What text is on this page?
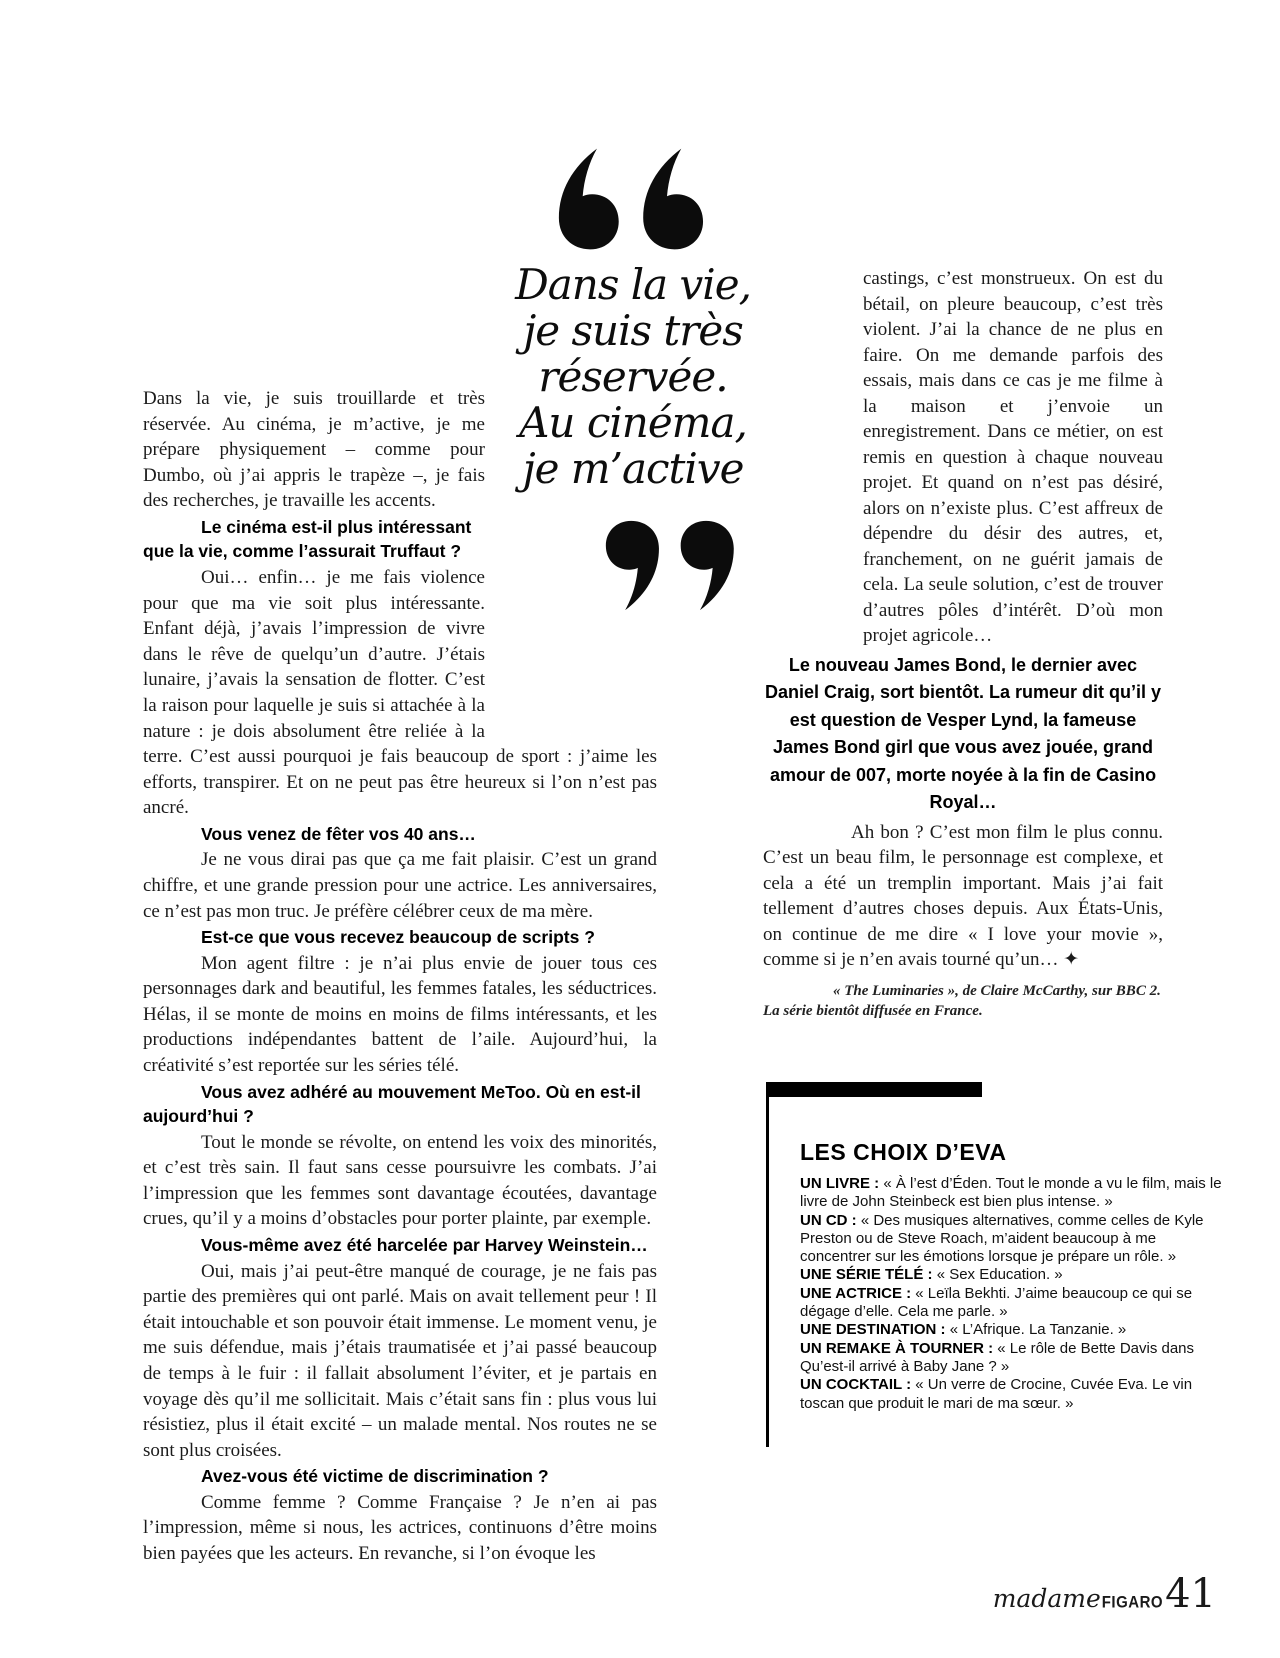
Dans la vie,
je suis très
réservée.
Au cinéma,
je m’active

Dans la vie, je suis trouillarde et très réservée. Au cinéma, je m’active, je me prépare physiquement – comme pour Dumbo, où j’ai appris le trapèze –, je fais des recherches, je travaille les accents.

Le cinéma est-il plus intéressant que la vie, comme l’assurait Truffaut ?

Oui… enfin… je me fais violence pour que ma vie soit plus intéressante. Enfant déjà, j’avais l’impression de vivre dans le rêve de quelqu’un d’autre. J’étais lunaire, j’avais la sensation de flotter. C’est la raison pour laquelle je suis si attachée à la nature : je dois absolument être reliée à la terre. C’est aussi pourquoi je fais beaucoup de sport : j’aime les efforts, transpirer. Et on ne peut pas être heureux si l’on n’est pas ancré.

Vous venez de fêter vos 40 ans…

Je ne vous dirai pas que ça me fait plaisir. C’est un grand chiffre, et une grande pression pour une actrice. Les anniversaires, ce n’est pas mon truc. Je préfère célébrer ceux de ma mère.

Est-ce que vous recevez beaucoup de scripts ?

Mon agent filtre : je n’ai plus envie de jouer tous ces personnages dark and beautiful, les femmes fatales, les séductrices. Hélas, il se monte de moins en moins de films intéressants, et les productions indépendantes battent de l’aile. Aujourd’hui, la créativité s’est reportée sur les séries télé.

Vous avez adhéré au mouvement MeToo. Où en est-il aujourd’hui ?

Tout le monde se révolte, on entend les voix des minorités, et c’est très sain. Il faut sans cesse poursuivre les combats. J’ai l’impression que les femmes sont davantage écoutées, davantage crues, qu’il y a moins d’obstacles pour porter plainte, par exemple.

Vous-même avez été harcelée par Harvey Weinstein…

Oui, mais j’ai peut-être manqué de courage, je ne fais pas partie des premières qui ont parlé. Mais on avait tellement peur ! Il était intouchable et son pouvoir était immense. Le moment venu, je me suis défendue, mais j’étais traumatisée et j’ai passé beaucoup de temps à le fuir : il fallait absolument l’éviter, et je partais en voyage dès qu’il me sollicitait. Mais c’était sans fin : plus vous lui résistiez, plus il était excité – un malade mental. Nos routes ne se sont plus croisées.

Avez-vous été victime de discrimination ?

Comme femme ? Comme Française ? Je n’en ai pas l’impression, même si nous, les actrices, continuons d’être moins bien payées que les acteurs. En revanche, si l’on évoque les

castings, c’est monstrueux. On est du bétail, on pleure beaucoup, c’est très violent. J’ai la chance de ne plus en faire. On me demande parfois des essais, mais dans ce cas je me filme à la maison et j’envoie un enregistrement. Dans ce métier, on est remis en question à chaque nouveau projet. Et quand on n’est pas désiré, alors on n’existe plus. C’est affreux de dépendre du désir des autres, et, franchement, on ne guérit jamais de cela. La seule solution, c’est de trouver d’autres pôles d’intérêt. D’où mon projet agricole…

Le nouveau James Bond, le dernier avec Daniel Craig, sort bientôt. La rumeur dit qu’il y est question de Vesper Lynd, la fameuse James Bond girl que vous avez jouée, grand amour de 007, morte noyée à la fin de Casino Royal…

Ah bon ? C’est mon film le plus connu. C’est un beau film, le personnage est complexe, et cela a été un tremplin important. Mais j’ai fait tellement d’autres choses depuis. Aux États-Unis, on continue de me dire « I love your movie », comme si je n’en avais tourné qu’un… ✦

« The Luminaries », de Claire McCarthy, sur BBC 2. La série bientôt diffusée en France.

LES CHOIX D’EVA

UN LIVRE : « À l’est d’Éden. Tout le monde a vu le film, mais le livre de John Steinbeck est bien plus intense. »

UN CD : « Des musiques alternatives, comme celles de Kyle Preston ou de Steve Roach, m’aident beaucoup à me concentrer sur les émotions lorsque je prépare un rôle. »

UNE SÉRIE TÉLÉ : « Sex Education. »

UNE ACTRICE : « Leïla Bekhti. J’aime beaucoup ce qui se dégage d’elle. Cela me parle. »

UNE DESTINATION : « L’Afrique. La Tanzanie. »

UN REMAKE À TOURNER : « Le rôle de Bette Davis dans Qu’est-il arrivé à Baby Jane ? »

UN COCKTAIL : « Un verre de Crocine, Cuvée Eva. Le vin toscan que produit le mari de ma sœur. »

madame FIGARO 41
